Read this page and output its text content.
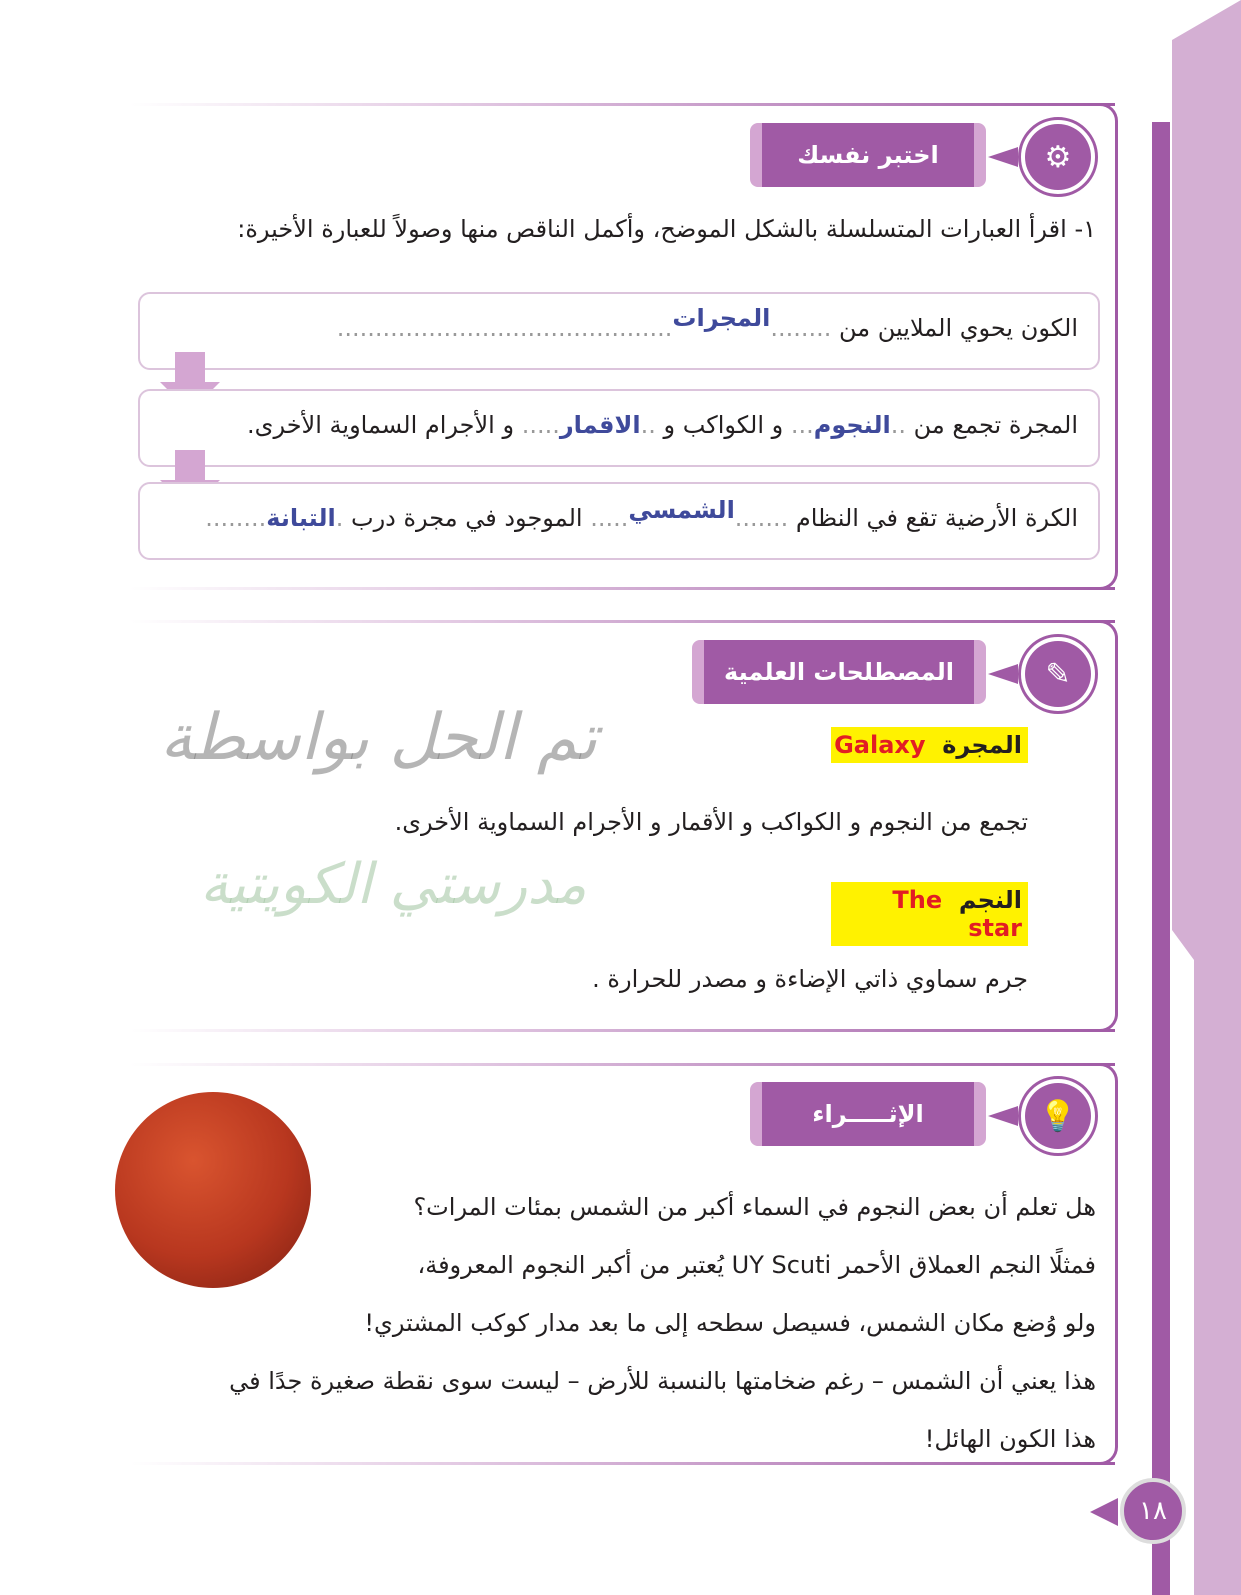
اختبر نفسك	⚙
١- اقرأ العبارات المتسلسلة بالشكل الموضح، وأكمل الناقص منها وصولاً للعبارة الأخيرة:
الكون يحوي الملايين من ........المجرات............................................
المجرة تجمع من ..النجوم... و الكواكب و ..الاقمار..... و الأجرام السماوية الأخرى.
الكرة الأرضية تقع في النظام .......الشمسي..... الموجود في مجرة درب .التبانة........
المصطلحات العلمية	✎
المجرة  Galaxy
تجمع من النجوم و الكواكب و الأقمار و الأجرام السماوية الأخرى.
النجم  The star
جرم سماوي ذاتي الإضاءة و مصدر للحرارة .
تم الحل بواسطة
مدرستي الكويتية
الإثـــــراء	💡
هل تعلم أن بعض النجوم في السماء أكبر من الشمس بمئات المرات؟
فمثلًا النجم العملاق الأحمر UY Scuti يُعتبر من أكبر النجوم المعروفة،
ولو وُضع مكان الشمس، فسيصل سطحه إلى ما بعد مدار كوكب المشتري!
هذا يعني أن الشمس – رغم ضخامتها بالنسبة للأرض – ليست سوى نقطة صغيرة جدًا في
هذا الكون الهائل!
١٨
